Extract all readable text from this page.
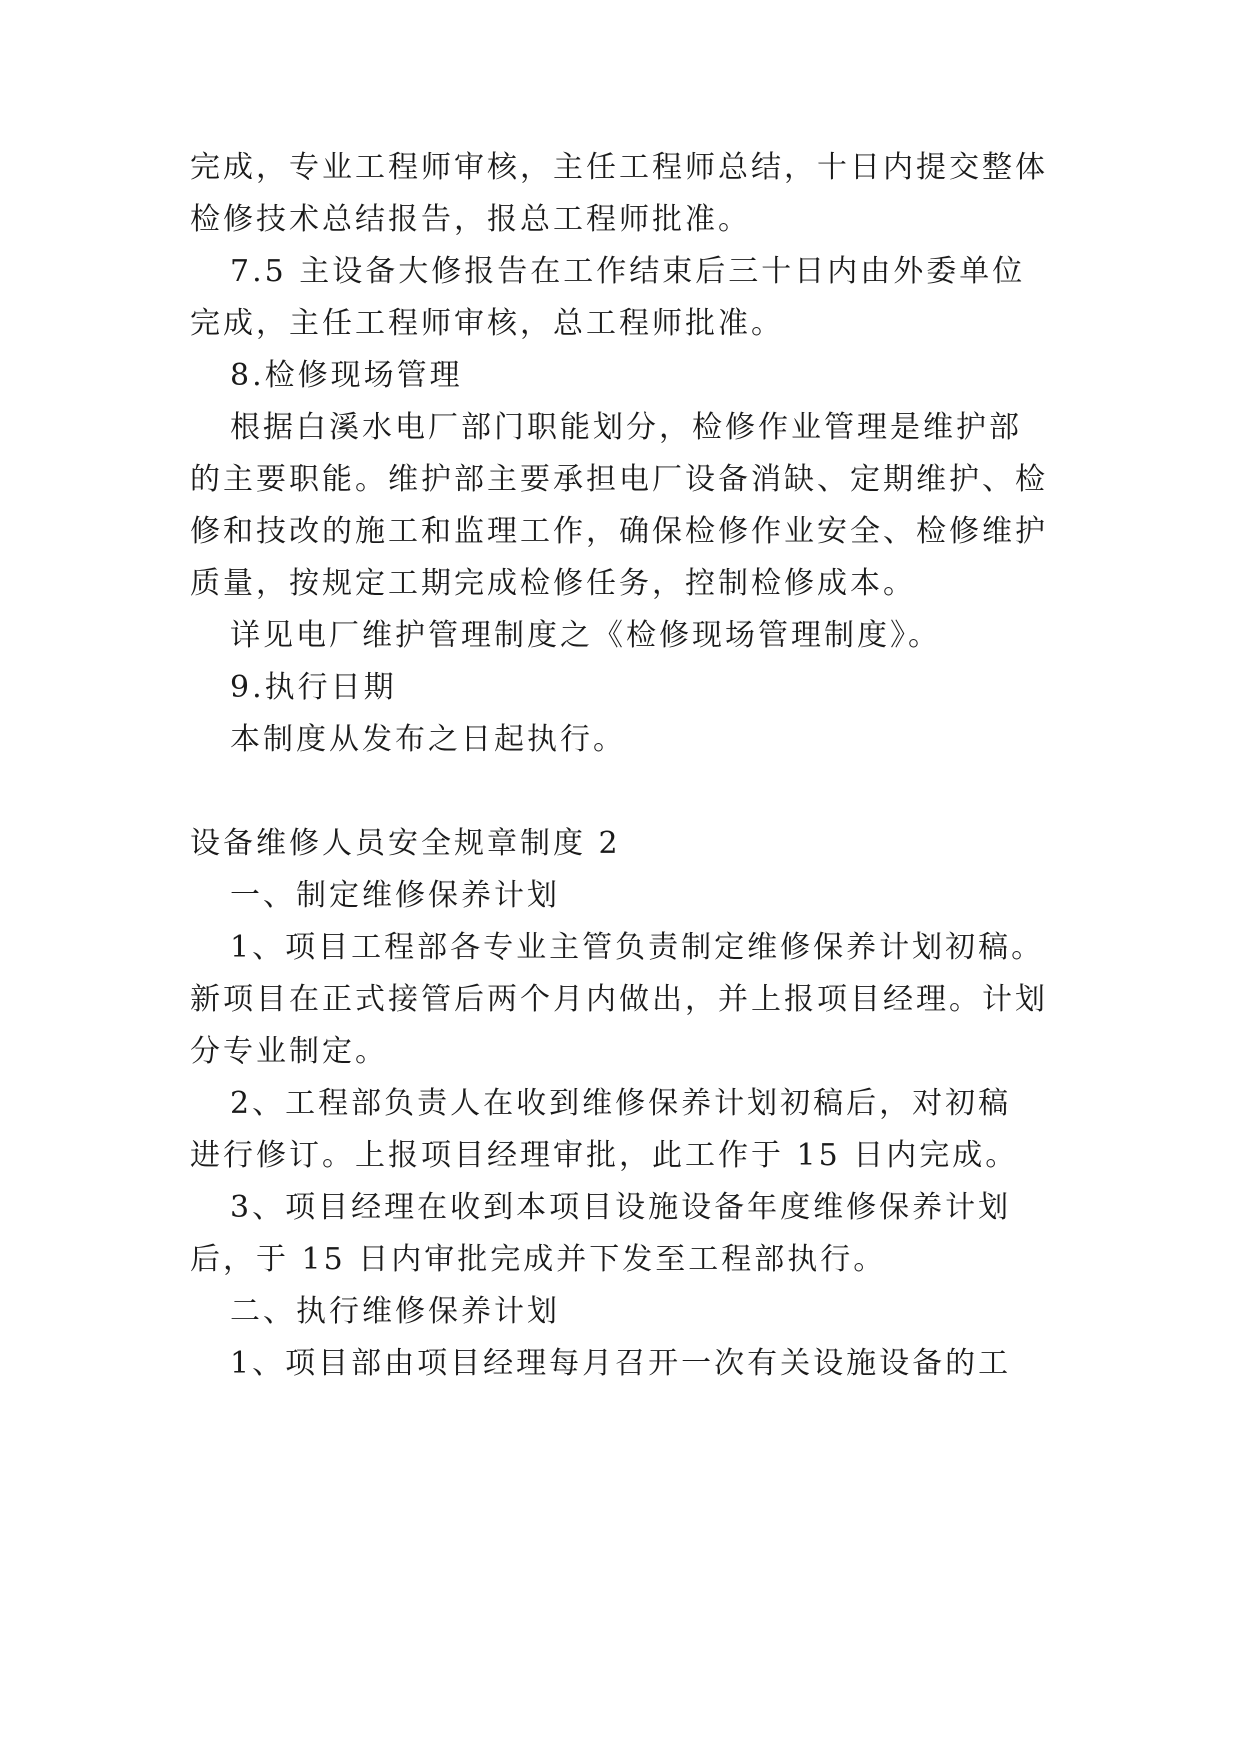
完成，专业工程师审核，主任工程师总结，十日内提交整体
检修技术总结报告，报总工程师批准。
7.5 主设备大修报告在工作结束后三十日内由外委单位
完成，主任工程师审核，总工程师批准。
8.检修现场管理
根据白溪水电厂部门职能划分，检修作业管理是维护部
的主要职能。维护部主要承担电厂设备消缺、定期维护、检
修和技改的施工和监理工作，确保检修作业安全、检修维护
质量，按规定工期完成检修任务，控制检修成本。
详见电厂维护管理制度之《检修现场管理制度》。
9.执行日期
本制度从发布之日起执行。
设备维修人员安全规章制度 2
一、制定维修保养计划
1、项目工程部各专业主管负责制定维修保养计划初稿。
新项目在正式接管后两个月内做出，并上报项目经理。计划
分专业制定。
2、工程部负责人在收到维修保养计划初稿后，对初稿
进行修订。上报项目经理审批，此工作于 15 日内完成。
3、项目经理在收到本项目设施设备年度维修保养计划
后，于 15 日内审批完成并下发至工程部执行。
二、执行维修保养计划
1、项目部由项目经理每月召开一次有关设施设备的工
